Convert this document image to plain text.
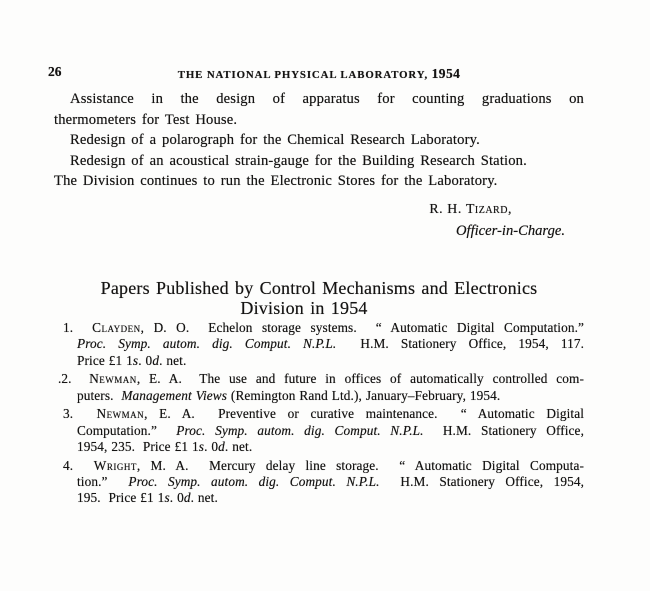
26	THE NATIONAL PHYSICAL LABORATORY, 1954
Assistance in the design of apparatus for counting graduations on
thermometers for Test House.
Redesign of a polarograph for the Chemical Research Laboratory.
Redesign of an acoustical strain-gauge for the Building Research Station.
The Division continues to run the Electronic Stores for the Laboratory.
R. H. Tizard,
Officer-in-Charge.
Papers Published by Control Mechanisms and Electronics
Division in 1954
1.  Clayden, D. O.  Echelon storage systems.  “ Automatic Digital Computation.”
Proc. Symp. autom. dig. Comput. N.P.L.  H.M. Stationery Office, 1954, 117.
Price £1 1s. 0d. net.
.2.  Newman, E. A.  The use and future in offices of automatically controlled com-
puters.  Management Views (Remington Rand Ltd.), January–February, 1954.
3.  Newman, E. A.  Preventive or curative maintenance.  “ Automatic Digital
Computation.”  Proc. Symp. autom. dig. Comput. N.P.L.  H.M. Stationery Office,
1954, 235.  Price £1 1s. 0d. net.
4.  Wright, M. A.  Mercury delay line storage.  “ Automatic Digital Computa-
tion.”  Proc. Symp. autom. dig. Comput. N.P.L.  H.M. Stationery Office, 1954,
195.  Price £1 1s. 0d. net.
